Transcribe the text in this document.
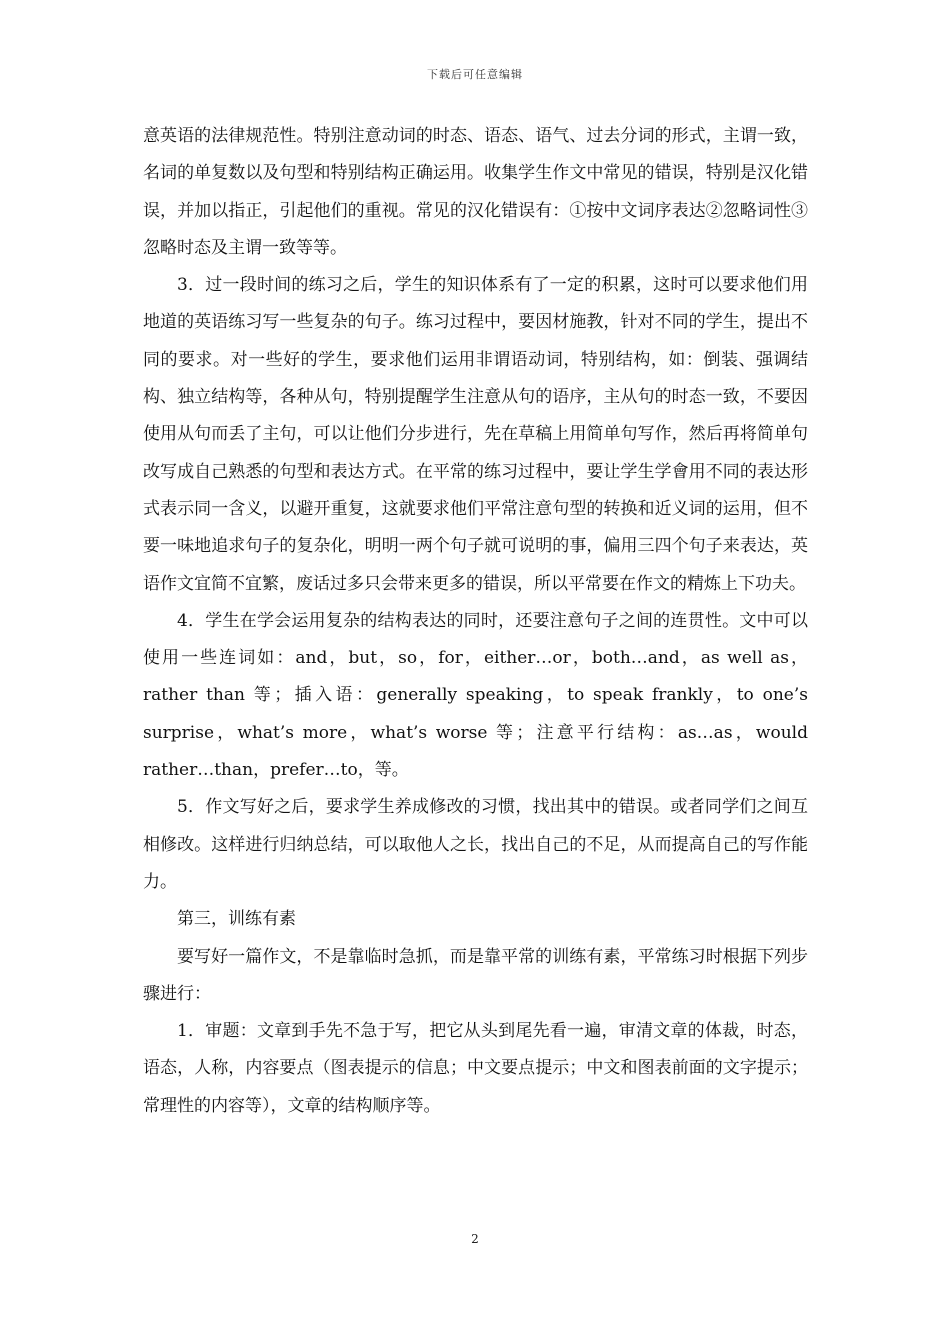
下载后可任意编辑

意英语的法律规范性。特别注意动词的时态、语态、语气、过去分词的形式，主谓一致，名词的单复数以及句型和特别结构正确运用。收集学生作文中常见的错误，特别是汉化错误，并加以指正，引起他们的重视。常见的汉化错误有：①按中文词序表达②忽略词性③忽略时态及主谓一致等等。

3．过一段时间的练习之后，学生的知识体系有了一定的积累，这时可以要求他们用地道的英语练习写一些复杂的句子。练习过程中，要因材施教，针对不同的学生，提出不同的要求。对一些好的学生，要求他们运用非谓语动词，特别结构，如：倒装、强调结构、独立结构等，各种从句，特别提醒学生注意从句的语序，主从句的时态一致，不要因使用从句而丢了主句，可以让他们分步进行，先在草稿上用简单句写作，然后再将简单句改写成自己熟悉的句型和表达方式。在平常的练习过程中，要让学生学會用不同的表达形式表示同一含义，以避开重复，这就要求他们平常注意句型的转换和近义词的运用，但不要一味地追求句子的复杂化，明明一两个句子就可说明的事，偏用三四个句子来表达，英语作文宜简不宜繁，废话过多只会带来更多的错误，所以平常要在作文的精炼上下功夫。

4．学生在学会运用复杂的结构表达的同时，还要注意句子之间的连贯性。文中可以使用一些连词如：and，but，so，for，either…or，both…and，as well as，rather than 等；插入语：generally speaking，to speak frankly，to one’s surprise，what’s more，what’s worse 等；注意平行结构：as…as，would rather…than，prefer…to，等。

5．作文写好之后，要求学生养成修改的习惯，找出其中的错误。或者同学们之间互相修改。这样进行归纳总结，可以取他人之长，找出自己的不足，从而提高自己的写作能力。

第三，训练有素

要写好一篇作文，不是靠临时急抓，而是靠平常的训练有素，平常练习时根据下列步骤进行：

1．审题：文章到手先不急于写，把它从头到尾先看一遍，审清文章的体裁，时态，语态，人称，内容要点（图表提示的信息；中文要点提示；中文和图表前面的文字提示；常理性的内容等），文章的结构顺序等。

2
